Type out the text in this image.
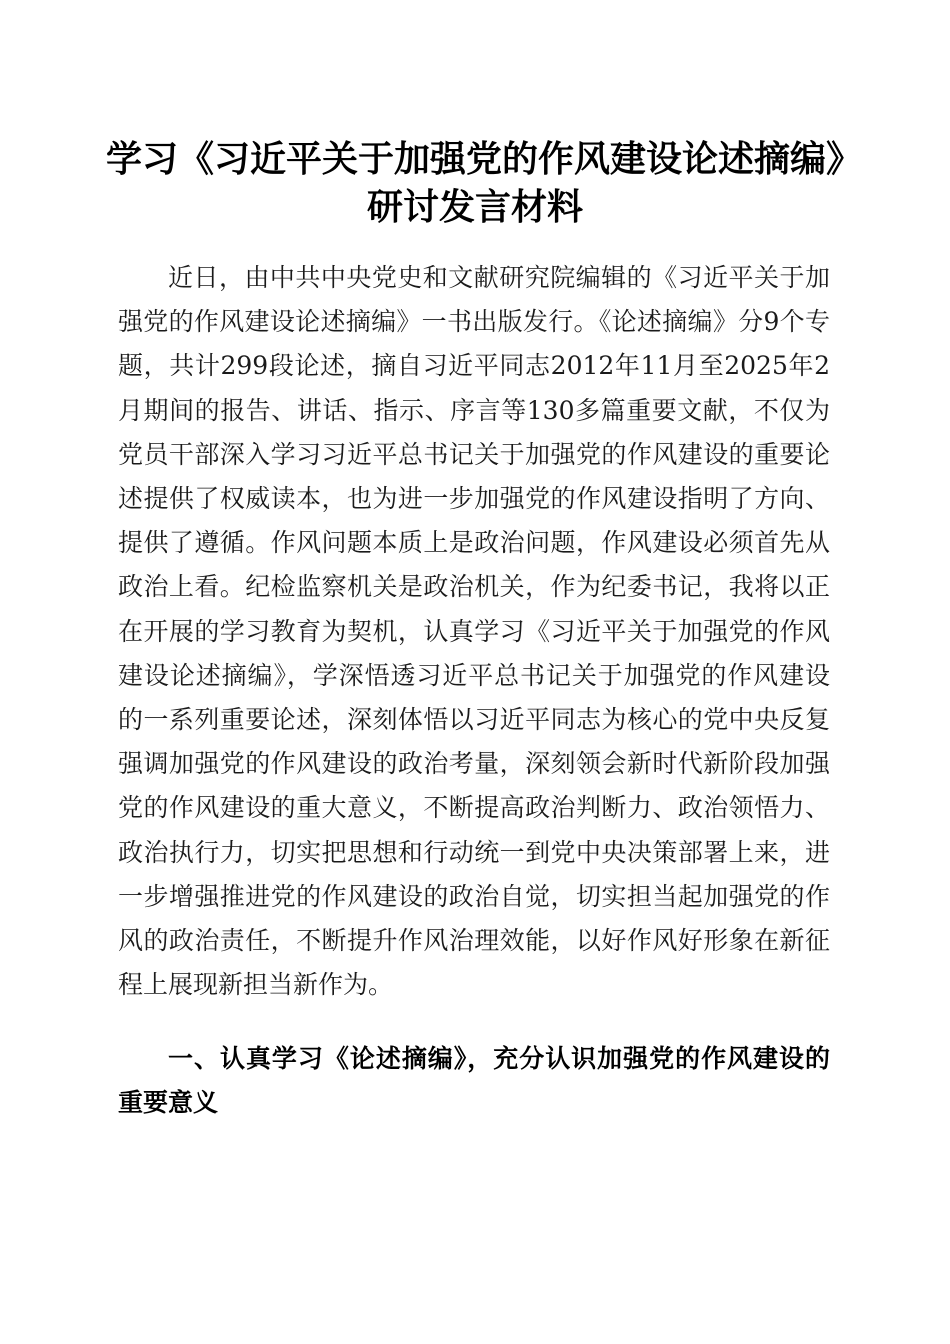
学习《习近平关于加强党的作风建设论述摘编》研讨发言材料
近日，由中共中央党史和文献研究院编辑的《习近平关于加强党的作风建设论述摘编》一书出版发行。《论述摘编》分9个专题，共计299段论述，摘自习近平同志2012年11月至2025年2月期间的报告、讲话、指示、序言等130多篇重要文献，不仅为党员干部深入学习习近平总书记关于加强党的作风建设的重要论述提供了权威读本，也为进一步加强党的作风建设指明了方向、提供了遵循。作风问题本质上是政治问题，作风建设必须首先从政治上看。纪检监察机关是政治机关，作为纪委书记，我将以正在开展的学习教育为契机，认真学习《习近平关于加强党的作风建设论述摘编》，学深悟透习近平总书记关于加强党的作风建设的一系列重要论述，深刻体悟以习近平同志为核心的党中央反复强调加强党的作风建设的政治考量，深刻领会新时代新阶段加强党的作风建设的重大意义，不断提高政治判断力、政治领悟力、政治执行力，切实把思想和行动统一到党中央决策部署上来，进一步增强推进党的作风建设的政治自觉，切实担当起加强党的作风的政治责任，不断提升作风治理效能，以好作风好形象在新征程上展现新担当新作为。
一、认真学习《论述摘编》，充分认识加强党的作风建设的重要意义
